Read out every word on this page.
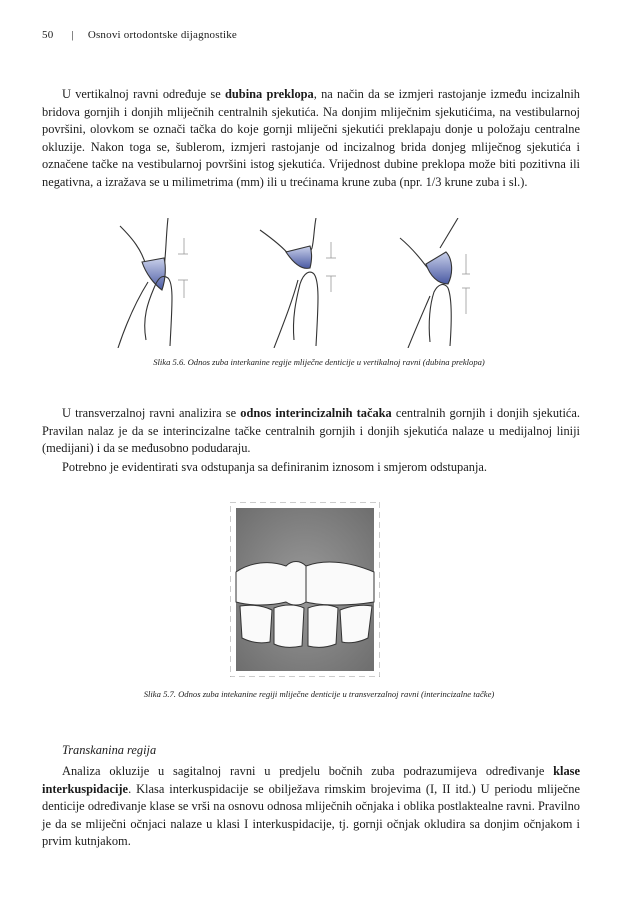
50 | Osnovi ortodontske dijagnostike

U vertikalnoj ravni određuje se dubina preklopa, na način da se izmjeri rastojanje između incizalnih bridova gornjih i donjih mliječnih centralnih sjekutića. Na donjim mliječnim sjekutićima, na vestibularnoj površini, olovkom se označi tačka do koje gornji mliječni sjekutići preklapaju donje u položaju centralne okluzije. Nakon toga se, šublerom, izmjeri rastojanje od incizalnog brida donjeg mliječnog sjekutića i označene tačke na vestibularnoj površini istog sjekutića. Vrijednost dubine preklopa može biti pozitivna ili negativna, a izražava se u milimetrima (mm) ili u trećinama krune zuba (npr. 1/3 krune zuba i sl.).

Slika 5.6. Odnos zuba interkanine regije mliječne denticije u vertikalnoj ravni (dubina preklopa)

U transverzalnoj ravni analizira se odnos interincizalnih tačaka centralnih gornjih i donjih sjekutića. Pravilan nalaz je da se interincizalne tačke centralnih gornjih i donjih sjekutića nalaze u medijalnoj liniji (medijani) i da se međusobno podudaraju.

Potrebno je evidentirati sva odstupanja sa definiranim iznosom i smjerom odstupanja.

Slika 5.7. Odnos zuba intekanine regiji mliječne denticije u transverzalnoj ravni (interincizalne tačke)
Transkanina regija

Analiza okluzije u sagitalnoj ravni u predjelu bočnih zuba podrazumijeva određivanje klase interkuspidacije. Klasa interkuspidacije se obilježava rimskim brojevima (I, II itd.) U periodu mliječne denticije određivanje klase se vrši na osnovu odnosa mliječnih očnjaka i oblika postlaktealne ravni. Pravilno je da se mliječni očnjaci nalaze u klasi I interkuspidacije, tj. gornji očnjak okludira sa donjim očnjakom i prvim kutnjakom.
